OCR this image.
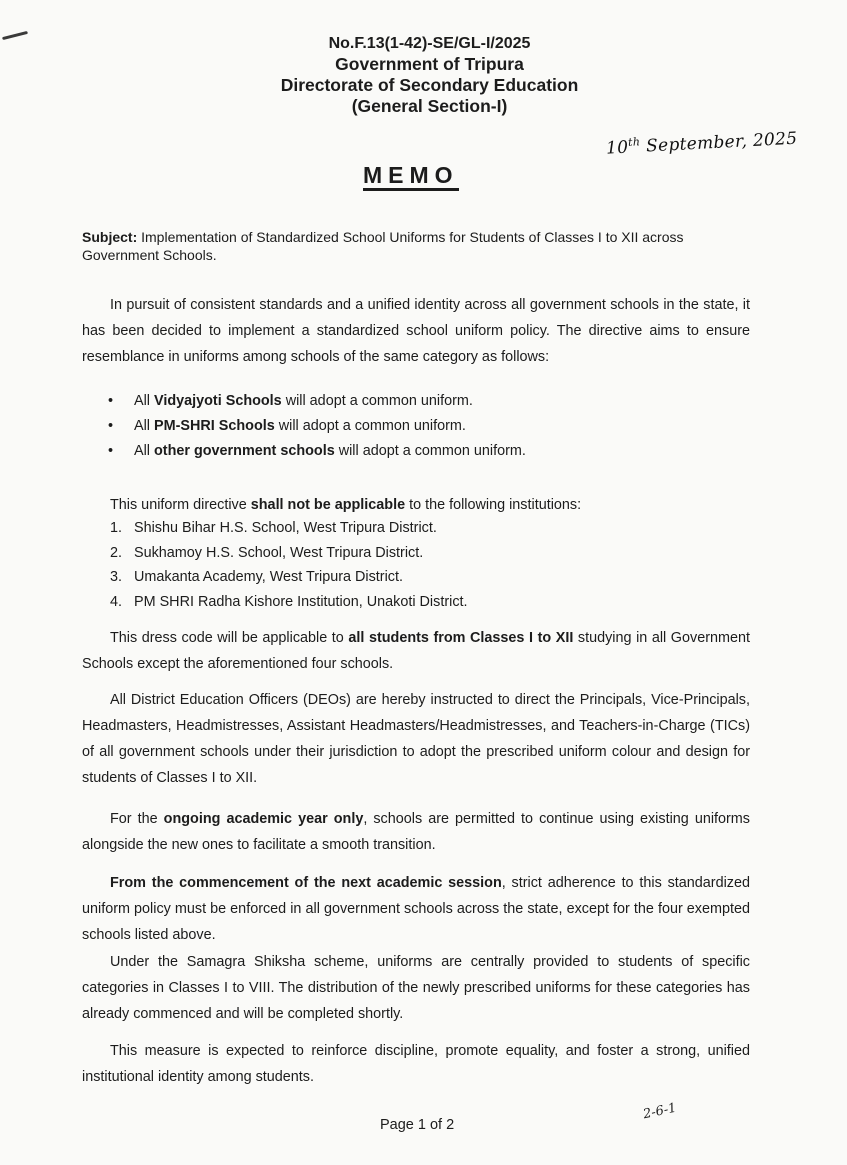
No.F.13(1-42)-SE/GL-I/2025
Government of Tripura
Directorate of Secondary Education
(General Section-I)
10th September, 2025
MEMO
Subject: Implementation of Standardized School Uniforms for Students of Classes I to XII across Government Schools.
In pursuit of consistent standards and a unified identity across all government schools in the state, it has been decided to implement a standardized school uniform policy. The directive aims to ensure resemblance in uniforms among schools of the same category as follows:
• All Vidyajyoti Schools will adopt a common uniform.
• All PM-SHRI Schools will adopt a common uniform.
• All other government schools will adopt a common uniform.
This uniform directive shall not be applicable to the following institutions:
1. Shishu Bihar H.S. School, West Tripura District.
2. Sukhamoy H.S. School, West Tripura District.
3. Umakanta Academy, West Tripura District.
4. PM SHRI Radha Kishore Institution, Unakoti District.
This dress code will be applicable to all students from Classes I to XII studying in all Government Schools except the aforementioned four schools.
All District Education Officers (DEOs) are hereby instructed to direct the Principals, Vice-Principals, Headmasters, Headmistresses, Assistant Headmasters/Headmistresses, and Teachers-in-Charge (TICs) of all government schools under their jurisdiction to adopt the prescribed uniform colour and design for students of Classes I to XII.
For the ongoing academic year only, schools are permitted to continue using existing uniforms alongside the new ones to facilitate a smooth transition.
From the commencement of the next academic session, strict adherence to this standardized uniform policy must be enforced in all government schools across the state, except for the four exempted schools listed above.
Under the Samagra Shiksha scheme, uniforms are centrally provided to students of specific categories in Classes I to VIII. The distribution of the newly prescribed uniforms for these categories has already commenced and will be completed shortly.
This measure is expected to reinforce discipline, promote equality, and foster a strong, unified institutional identity among students.
Page 1 of 2
2-6-1
